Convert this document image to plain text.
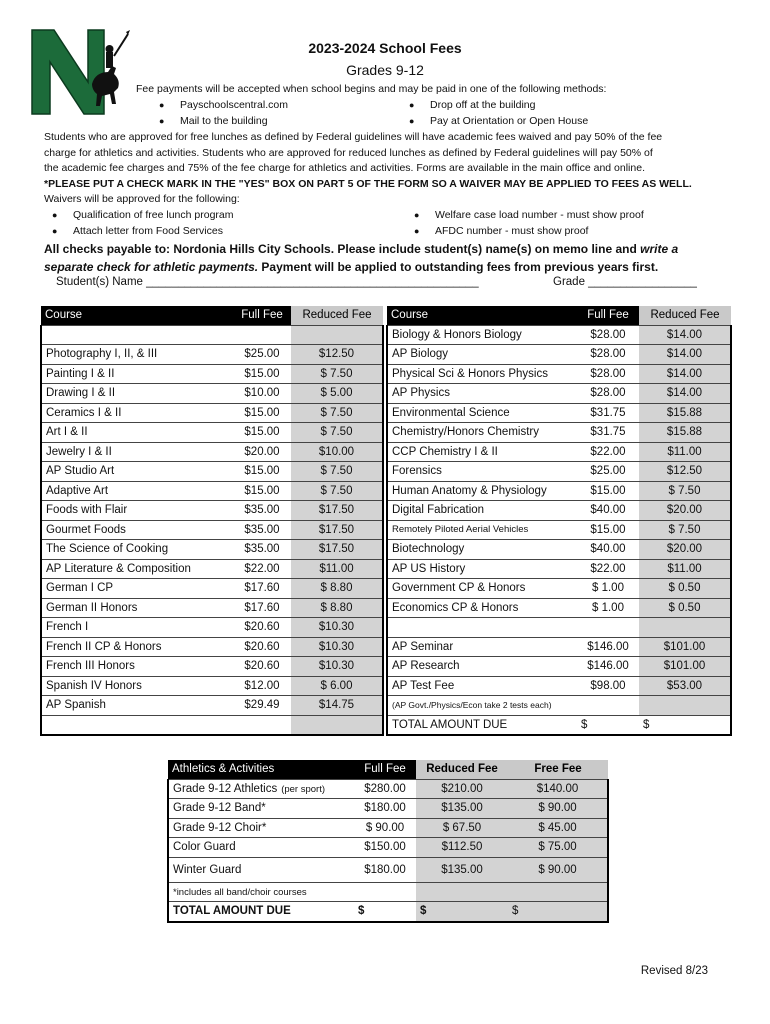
2023-2024 School Fees
Grades 9-12
Fee payments will be accepted when school begins and may be paid in one of the following methods:
● Payschoolscentral.com	● Drop off at the building
● Mail to the building	● Pay at Orientation or Open House
Students who are approved for free lunches as defined by Federal guidelines will have academic fees waived and pay 50% of the fee
charge for athletics and activities. Students who are approved for reduced lunches as defined by Federal guidelines will pay 50% of
the academic fee charges and 75% of the fee charge for athletics and activities. Forms are available in the main office and online.
*PLEASE PUT A CHECK MARK IN THE "YES" BOX ON PART 5 OF THE FORM SO A WAIVER MAY BE APPLIED TO FEES AS WELL.
Waivers will be approved for the following:
● Qualification of free lunch program	● Welfare case load number - must show proof
● Attach letter from Food Services	● AFDC number - must show proof
All checks payable to: Nordonia Hills City Schools. Please include student(s) name(s) on memo line and write a
separate check for athletic payments. Payment will be applied to outstanding fees from previous years first.
Student(s) Name ____________________________________________________	Grade _________________
Course	Full Fee	Reduced Fee

Photography I, II, & III	$25.00	$12.50
Painting I & II	$15.00	$ 7.50
Drawing I & II	$10.00	$ 5.00
Ceramics I & II	$15.00	$ 7.50
Art I & II	$15.00	$ 7.50
Jewelry I & II	$20.00	$10.00
AP Studio Art	$15.00	$ 7.50
Adaptive Art	$15.00	$ 7.50
Foods with Flair	$35.00	$17.50
Gourmet Foods	$35.00	$17.50
The Science of Cooking	$35.00	$17.50
AP Literature & Composition	$22.00	$11.00
German I CP	$17.60	$ 8.80
German II Honors	$17.60	$ 8.80
French I	$20.60	$10.30
French II CP & Honors	$20.60	$10.30
French III Honors	$20.60	$10.30
Spanish IV Honors	$12.00	$ 6.00
AP Spanish	$29.49	$14.75

Course	Full Fee	Reduced Fee
Biology & Honors Biology	$28.00	$14.00
AP Biology	$28.00	$14.00
Physical Sci & Honors Physics	$28.00	$14.00
AP Physics	$28.00	$14.00
Environmental Science	$31.75	$15.88
Chemistry/Honors Chemistry	$31.75	$15.88
CCP Chemistry I & II	$22.00	$11.00
Forensics	$25.00	$12.50
Human Anatomy & Physiology	$15.00	$ 7.50
Digital Fabrication	$40.00	$20.00
Remotely Piloted Aerial Vehicles	$15.00	$ 7.50
Biotechnology	$40.00	$20.00
AP US History	$22.00	$11.00
Government CP & Honors	$ 1.00	$ 0.50
Economics CP & Honors	$ 1.00	$ 0.50

AP Seminar	$146.00	$101.00
AP Research	$146.00	$101.00
AP Test Fee	$98.00	$53.00
(AP Govt./Physics/Econ take 2 tests each)		
TOTAL AMOUNT DUE	$	$
Athletics & Activities	Full Fee	Reduced Fee	Free Fee
Grade 9-12 Athletics (per sport)	$280.00	$210.00	$140.00
Grade 9-12 Band*	$180.00	$135.00	$ 90.00
Grade 9-12 Choir*	$ 90.00	$ 67.50	$ 45.00
Color Guard	$150.00	$112.50	$ 75.00
Winter Guard	$180.00	$135.00	$ 90.00
*includes all band/choir courses			
TOTAL AMOUNT DUE	$	$	$
Revised 8/23
